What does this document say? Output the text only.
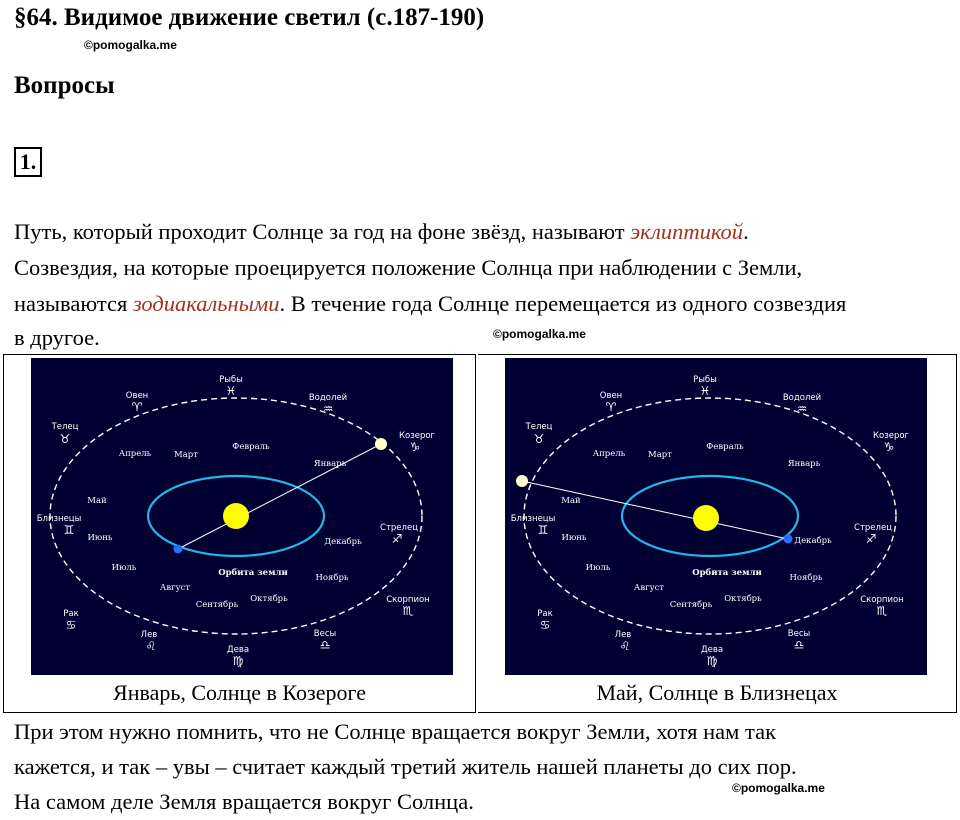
§64. Видимое движение светил (с.187-190)
©pomogalka.me
Вопросы
1.
Путь, который проходит Солнце за год на фоне звёзд, называют эклиптикой.
Созвездия, на которые проецируется положение Солнца при наблюдении с Земли,
называются зодиакальными. В течение года Солнце перемещается из одного созвездия
в другое.	©pomogalka.me
Рыбы
♓
Овен
♈
Водолей
♒
Телец
♉	Козерог
♑
Близнецы
♊	Стрелец
♐
Рак
♋
Скорпион
♏
Лев
♌
Весы
♎
Дева
♍
Апрель	Март
Февраль
Январь
Май
Июнь	Декабрь
Июль
Ноябрь
Август
Сентябрь
Октябрь
Орбита земли
Январь, Солнце в Козероге
Рыбы
♓
Овен
♈
Водолей
♒
Телец
♉	Козерог
♑
Близнецы
♊	Стрелец
♐
Рак
♋
Скорпион
♏
Лев
♌
Весы
♎
Дева
♍
Апрель	Март
Февраль
Январь
Май
Июнь	Декабрь
Июль
Ноябрь
Август
Сентябрь
Октябрь
Орбита земли
Май, Солнце в Близнецах
При этом нужно помнить, что не Солнце вращается вокруг Земли, хотя нам так
кажется, и так – увы – считает каждый третий житель нашей планеты до сих пор.
На самом деле Земля вращается вокруг Солнца.
©pomogalka.me
